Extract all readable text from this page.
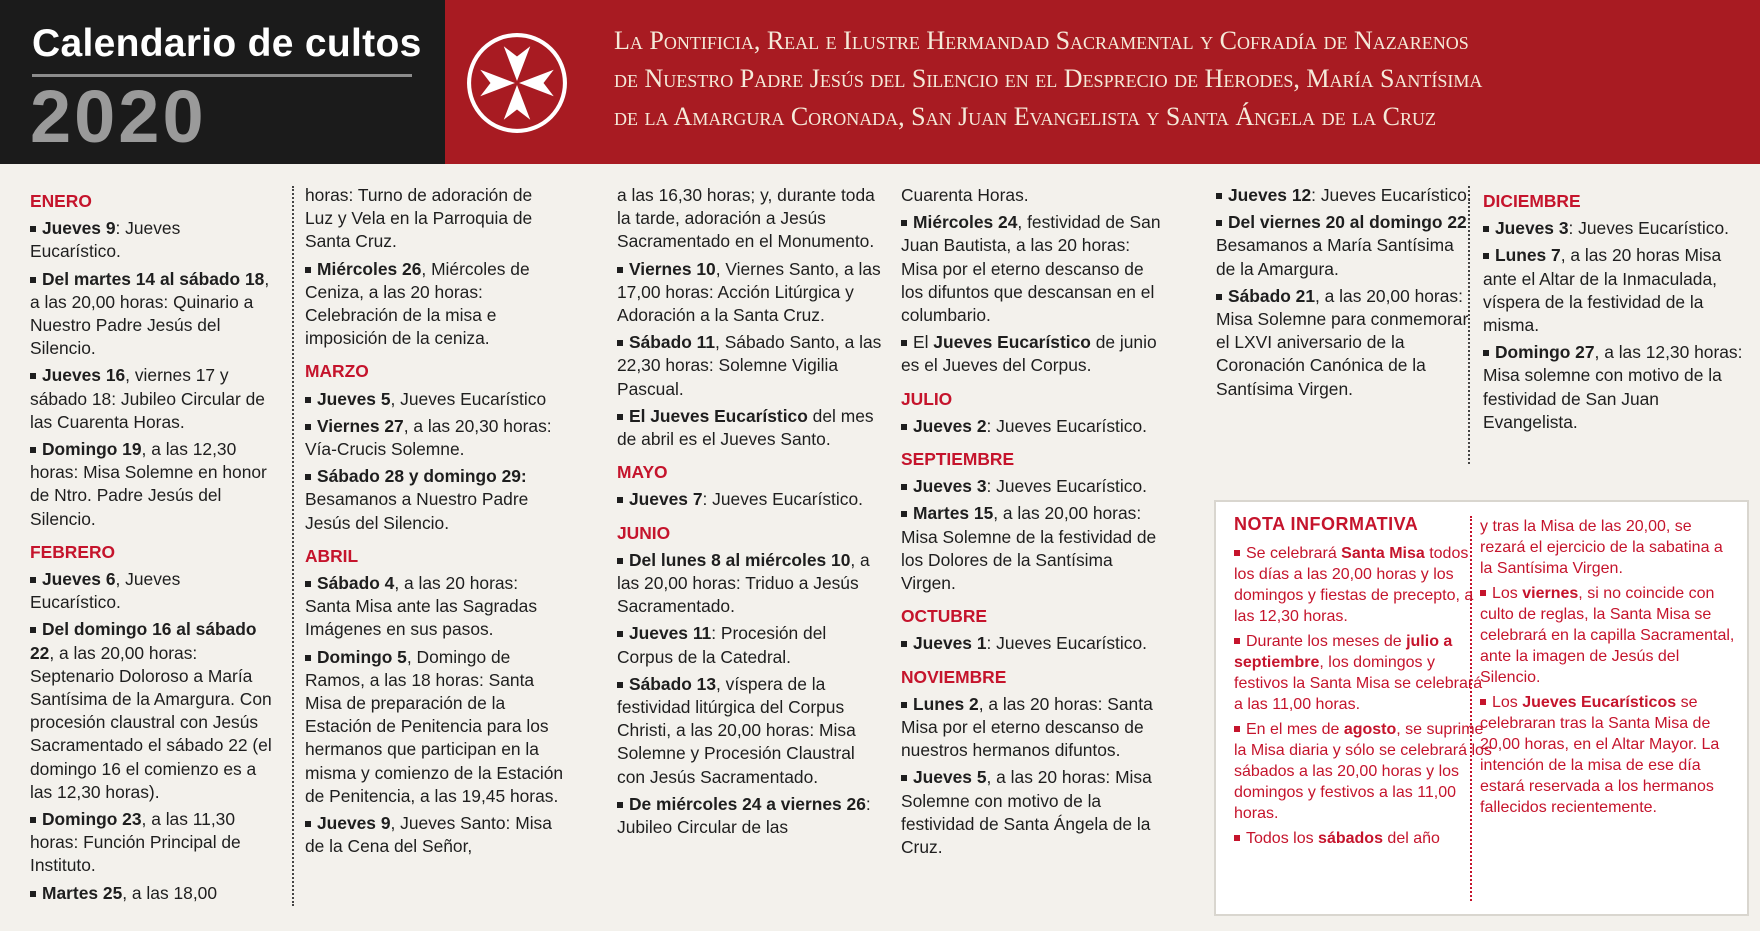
Calendario de cultos
2020
La Pontificia, Real e Ilustre Hermandad Sacramental y Cofradía de Nazarenos
de Nuestro Padre Jesús del Silencio en el Desprecio de Herodes, María Santísima
de la Amargura Coronada, San Juan Evangelista y Santa Ángela de la Cruz
ENERO
Jueves 9: Jueves Eucarístico.
Del martes 14 al sábado 18, a las 20,00 horas: Quinario a Nuestro Padre Jesús del Silencio.
Jueves 16, viernes 17 y sábado 18: Jubileo Circular de las Cuarenta Horas.
Domingo 19, a las 12,30 horas: Misa Solemne en honor de Ntro. Padre Jesús del Silencio.
FEBRERO
Jueves 6, Jueves Eucarístico.
Del domingo 16 al sábado 22, a las 20,00 horas: Septenario Doloroso a María Santísima de la Amargura. Con procesión claustral con Jesús Sacramentado el sábado 22 (el domingo 16 el comienzo es a las 12,30 horas).
Domingo 23, a las 11,30 horas: Función Principal de Instituto.
Martes 25, a las 18,00
horas: Turno de adoración de Luz y Vela en la Parroquia de Santa Cruz.
Miércoles 26, Miércoles de Ceniza, a las 20 horas: Celebración de la misa e imposición de la ceniza.
MARZO
Jueves 5, Jueves Eucarístico
Viernes 27, a las 20,30 horas: Vía-Crucis Solemne.
Sábado 28 y domingo 29: Besamanos a Nuestro Padre Jesús del Silencio.
ABRIL
Sábado 4, a las 20 horas: Santa Misa ante las Sagradas Imágenes en sus pasos.
Domingo 5, Domingo de Ramos, a las 18 horas: Santa Misa de preparación de la Estación de Penitencia para los hermanos que participan en la misma y comienzo de la Estación de Penitencia, a las 19,45 horas.
Jueves 9, Jueves Santo: Misa de la Cena del Señor,
a las 16,30 horas; y, durante toda la tarde, adoración a Jesús Sacramentado en el Monumento.
Viernes 10, Viernes Santo, a las 17,00 horas: Acción Litúrgica y Adoración a la Santa Cruz.
Sábado 11, Sábado Santo, a las 22,30 horas: Solemne Vigilia Pascual.
El Jueves Eucarístico del mes de abril es el Jueves Santo.
MAYO
Jueves 7: Jueves Eucarístico.
JUNIO
Del lunes 8 al miércoles 10, a las 20,00 horas: Triduo a Jesús Sacramentado.
Jueves 11: Procesión del Corpus de la Catedral.
Sábado 13, víspera de la festividad litúrgica del Corpus Christi, a las 20,00 horas: Misa Solemne y Procesión Claustral con Jesús Sacramentado.
De miércoles 24 a viernes 26: Jubileo Circular de las
Cuarenta Horas.
Miércoles 24, festividad de San Juan Bautista, a las 20 horas: Misa por el eterno descanso de los difuntos que descansan en el columbario.
El Jueves Eucarístico de junio es el Jueves del Corpus.
JULIO
Jueves 2: Jueves Eucarístico.
SEPTIEMBRE
Jueves 3: Jueves Eucarístico.
Martes 15, a las 20,00 horas: Misa Solemne de la festividad de los Dolores de la Santísima Virgen.
OCTUBRE
Jueves 1: Jueves Eucarístico.
NOVIEMBRE
Lunes 2, a las 20 horas: Santa Misa por el eterno descanso de nuestros hermanos difuntos.
Jueves 5, a las 20 horas: Misa Solemne con motivo de la festividad de Santa Ángela de la Cruz.
Jueves 12: Jueves Eucarístico.
Del viernes 20 al domingo 22: Besamanos a María Santísima de la Amargura.
Sábado 21, a las 20,00 horas: Misa Solemne para conmemorar el LXVI aniversario de la Coronación Canónica de la Santísima Virgen.
DICIEMBRE
Jueves 3: Jueves Eucarístico.
Lunes 7, a las 20 horas Misa ante el Altar de la Inmaculada, víspera de la festividad de la misma.
Domingo 27, a las 12,30 horas: Misa solemne con motivo de la festividad de San Juan Evangelista.
NOTA INFORMATIVA
Se celebrará Santa Misa todos los días a las 20,00 horas y los domingos y fiestas de precepto, a las 12,30 horas.
Durante los meses de julio a septiembre, los domingos y festivos la Santa Misa se celebrará a las 11,00 horas.
En el mes de agosto, se suprime la Misa diaria y sólo se celebrará los sábados a las 20,00 horas y los domingos y festivos a las 11,00 horas.
Todos los sábados del año
y tras la Misa de las 20,00, se rezará el ejercicio de la sabatina a la Santísima Virgen.
Los viernes, si no coincide con culto de reglas, la Santa Misa se celebrará en la capilla Sacramental, ante la imagen de Jesús del Silencio.
Los Jueves Eucarísticos se celebraran tras la Santa Misa de 20,00 horas, en el Altar Mayor. La intención de la misa de ese día estará reservada a los hermanos fallecidos recientemente.
